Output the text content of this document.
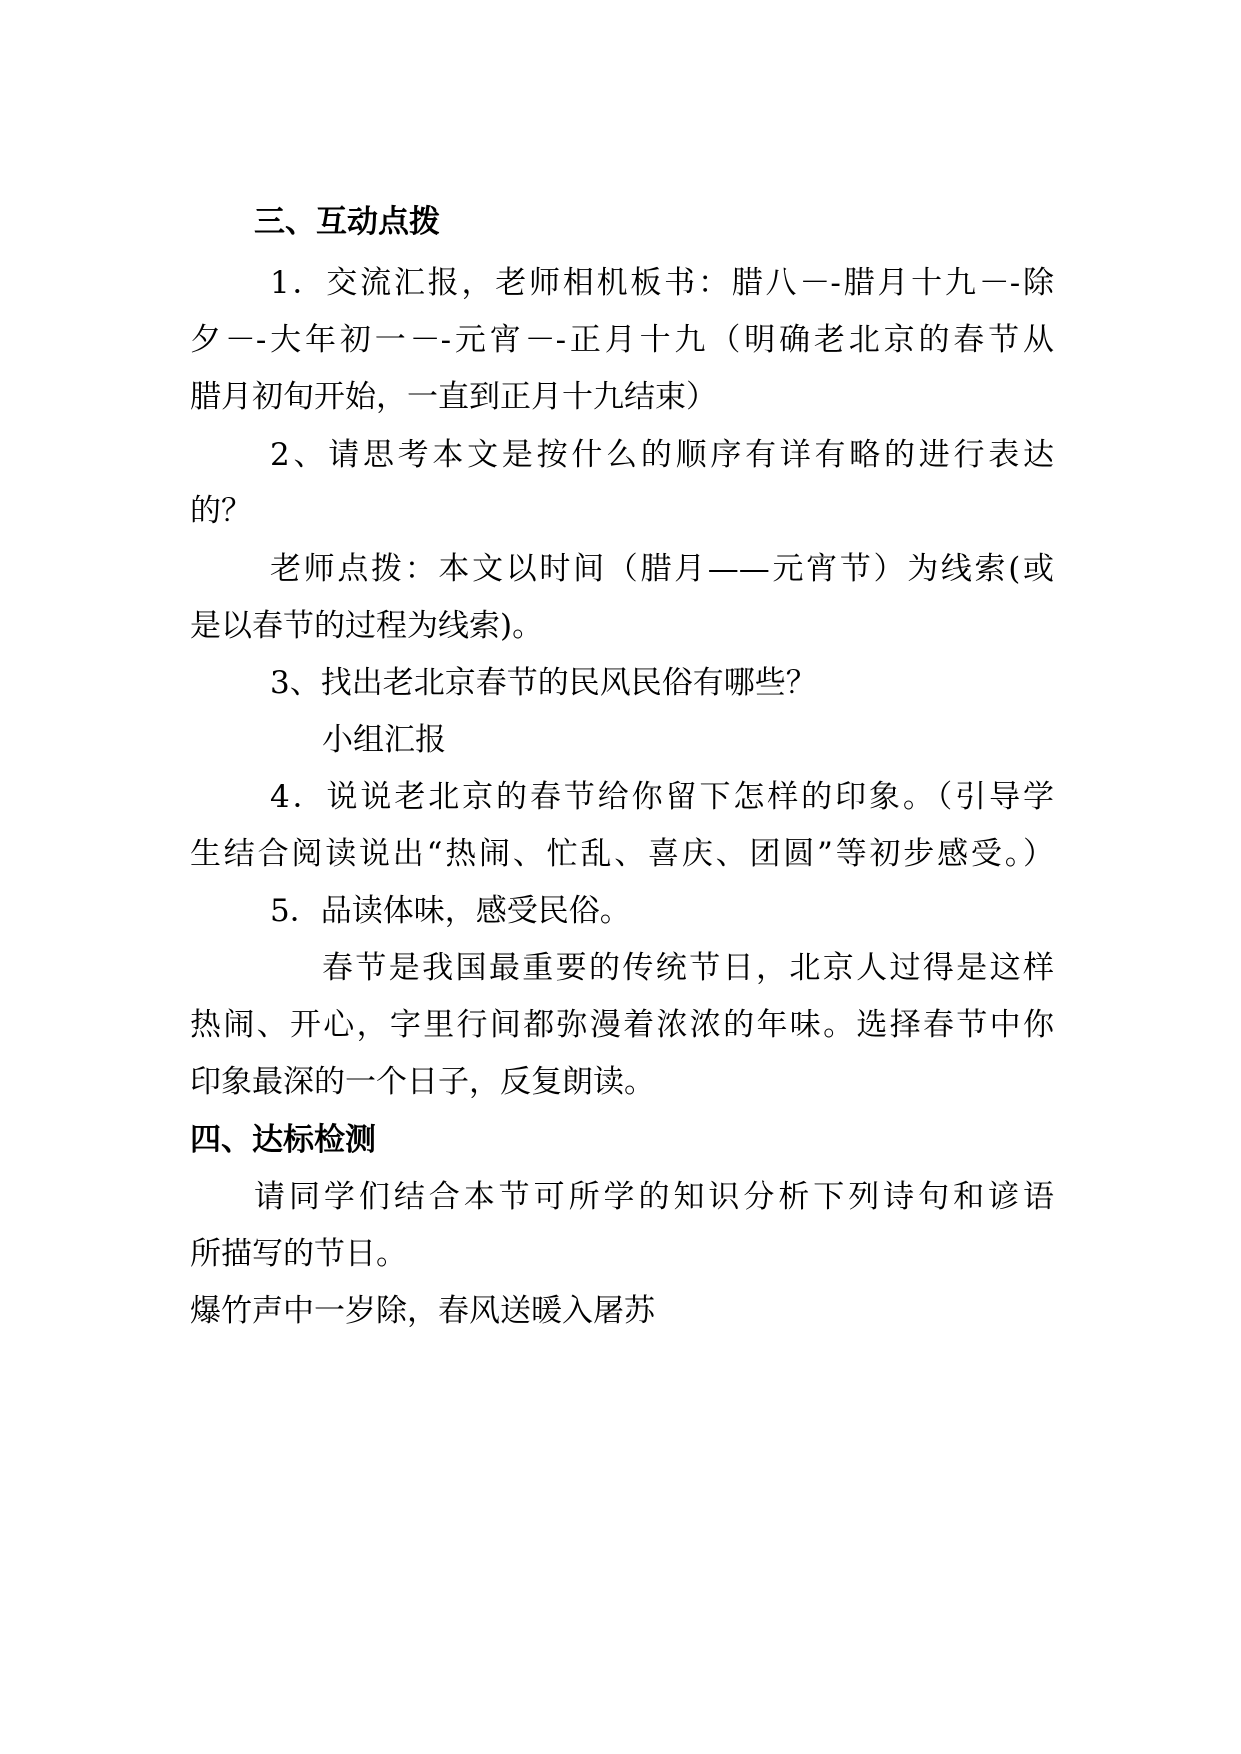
三、互动点拨
1．交流汇报，老师相机板书：腊八－-腊月十九－-除
夕－-大年初一－-元宵－-正月十九（明确老北京的春节从
腊月初旬开始，一直到正月十九结束）
2、请思考本文是按什么的顺序有详有略的进行表达
的？
老师点拨：本文以时间（腊月——元宵节）为线索(或
是以春节的过程为线索)。
3、找出老北京春节的民风民俗有哪些？
小组汇报
4．说说老北京的春节给你留下怎样的印象。（引导学
生结合阅读说出“热闹、忙乱、喜庆、团圆”等初步感受。）
5．品读体味，感受民俗。
春节是我国最重要的传统节日，北京人过得是这样
热闹、开心，字里行间都弥漫着浓浓的年味。选择春节中你
印象最深的一个日子，反复朗读。
四、达标检测
请同学们结合本节可所学的知识分析下列诗句和谚语
所描写的节日。
爆竹声中一岁除，春风送暖入屠苏
